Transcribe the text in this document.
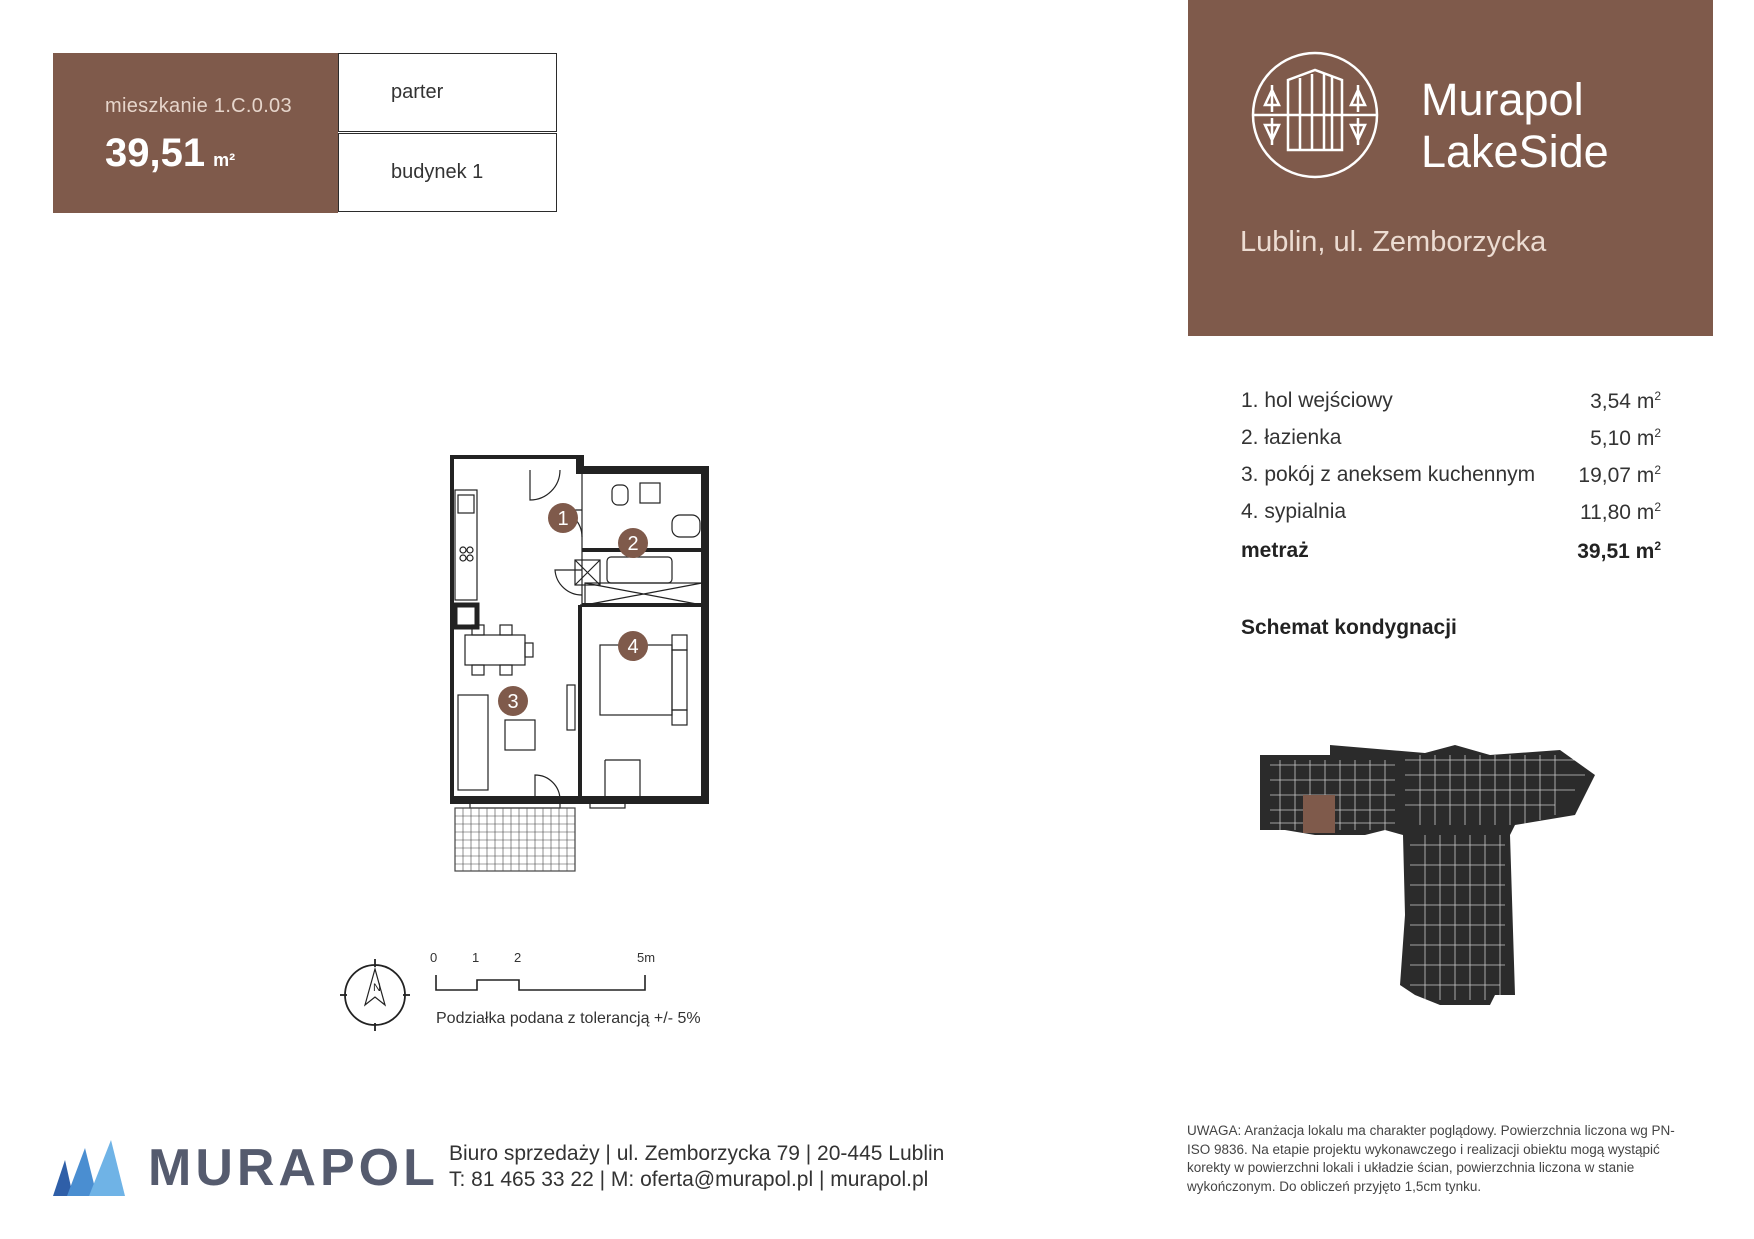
mieszkanie 1.C.0.03
39,51 m²
parter
budynek 1
Murapol
LakeSide
Lublin, ul. Zemborzycka
1. hol wejściowy	3,54 $m^2$
2. łazienka	5,10 $m^2$
3. pokój z aneksem kuchennym 19,07 $m^2$
4. sypialnia	11,80 $m^2$
metraż	39,51 $m^2$
Schemat kondygnacji
1
2
3
4
N
0	1	2	5m
Podziałka podana z tolerancją +/- 5%
MURAPOL Biuro sprzedaży | ul. Zemborzycka 79 | 20-445 Lublin
T: 81 465 33 22 | M: oferta@murapol.pl | murapol.pl
UWAGA: Aranżacja lokalu ma charakter poglądowy. Powierzchnia liczona wg PN-ISO 9836. Na etapie projektu wykonawczego i realizacji obiektu mogą wystąpić korekty w powierzchni lokali i układzie ścian, powierzchnia liczona w stanie wykończonym. Do obliczeń przyjęto 1,5cm tynku.
